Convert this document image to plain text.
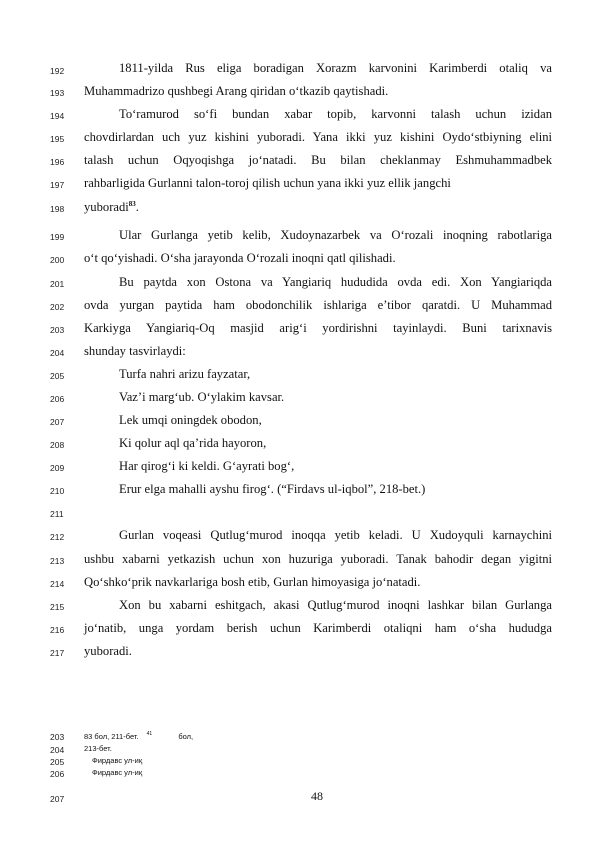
192
193
194
195
196
197
198
199
200
201
202
203
204
205
206
207
208
209
210
211
212
213
214
215
216
217
1811-yilda Rus eliga boradigan Xorazm karvonini Karimberdi otaliq va
Muhammadrizo qushbegi Arang qiridan o‘tkazib qaytishadi.
To‘ramurod so‘fi bundan xabar topib, karvonni talash uchun izidan
chovdirlardan uch yuz kishini yuboradi. Yana ikki yuz kishini Oydo‘stbiyning elini
talash uchun Oqyoqishga jo‘natadi. Bu bilan cheklanmay Eshmuhammadbek
rahbarligida Gurlanni talon-toroj qilish uchun yana ikki yuz ellik jangchi
yuboradi$^{83}$.
Ular Gurlanga yetib kelib, Xudoynazarbek va O‘rozali inoqning rabotlariga
o‘t qo‘yishadi. O‘sha jarayonda O‘rozali inoqni qatl qilishadi.
Bu paytda xon Ostona va Yangiariq hududida ovda edi. Xon Yangiariqda
ovda yurgan paytida ham obodonchilik ishlariga e’tibor qaratdi. U Muhammad
Karkiyga Yangiariq-Oq masjid arig‘i yordirishni tayinlaydi. Buni tarixnavis
shunday tasvirlaydi:
Turfa nahri arizu fayzatar,
Vaz’i marg‘ub. O‘ylakim kavsar.
Lek umqi oningdek obodon,
Ki qolur aql qa’rida hayoron,
Har qirog‘i ki keldi. G‘ayrati bog‘,
Erur elga mahalli ayshu firog‘. (“Firdavs ul-iqbol”, 218-bet.)
Gurlan voqeasi Qutlug‘murod inoqqa yetib keladi. U Xudoyquli karnaychini
ushbu xabarni yetkazish uchun xon huzuriga yuboradi. Tanak bahodir degan yigitni
Qo‘shko‘prik navkarlariga bosh etib, Gurlan himoyasiga jo‘natadi.
Xon bu xabarni eshitgach, akasi Qutlug‘murod inoqni lashkar bilan Gurlanga
jo‘natib, unga yordam berish uchun Karimberdi otaliqni ham o‘sha hududga
yuboradi.
203
204
205
206
207
83 бол, 211-бет. $^{41}$	бол,
213-бет.
Фирдавс ул-иқ
Фирдавс ул-иқ
48
